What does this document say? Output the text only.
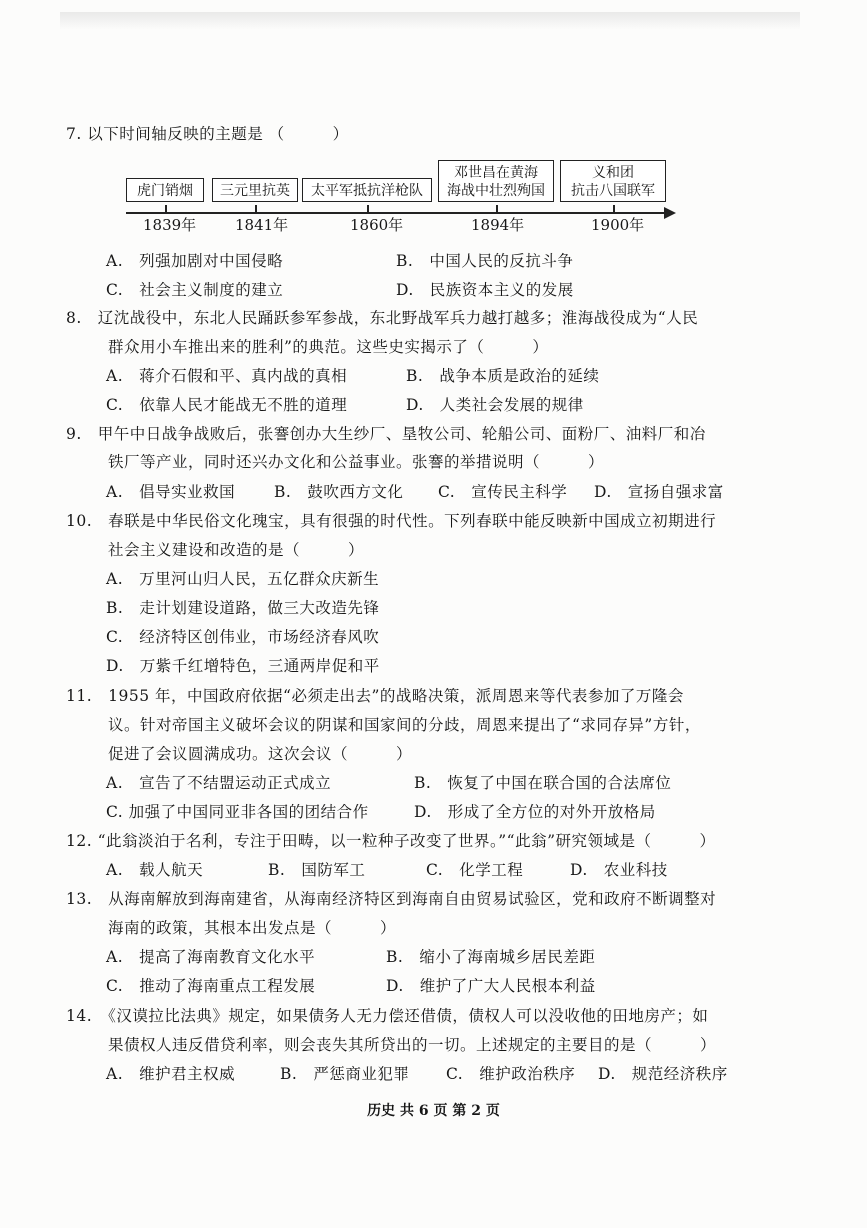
7. 以下时间轴反映的主题是 （　　　）
虎门销烟	三元里抗英	太平军抵抗洋枪队
邓世昌在黄海
海战中壮烈殉国
义和团
抗击八国联军
1839年	1841年	1860年	1894年	1900年
A.　列强加剧对中国侵略	B.　中国人民的反抗斗争
C.　社会主义制度的建立	D.　民族资本主义的发展
8.　辽沈战役中，东北人民踊跃参军参战，东北野战军兵力越打越多；淮海战役成为“人民
群众用小车推出来的胜利”的典范。这些史实揭示了（　　　）
A.　蒋介石假和平、真内战的真相	B.　战争本质是政治的延续
C.　依靠人民才能战无不胜的道理	D.　人类社会发展的规律
9.　甲午中日战争战败后，张謇创办大生纱厂、垦牧公司、轮船公司、面粉厂、油料厂和冶
铁厂等产业，同时还兴办文化和公益事业。张謇的举措说明（　　　）
A.　倡导实业救国	B.　鼓吹西方文化 C.　宣传民主科学 D.　宣扬自强求富
10.　春联是中华民俗文化瑰宝，具有很强的时代性。下列春联中能反映新中国成立初期进行
社会主义建设和改造的是（　　　）
A.　万里河山归人民，五亿群众庆新生
B.　走计划建设道路，做三大改造先锋
C.　经济特区创伟业，市场经济春风吹
D.　万紫千红增特色，三通两岸促和平
11.　1955 年，中国政府依据“必须走出去”的战略决策，派周恩来等代表参加了万隆会
议。针对帝国主义破坏会议的阴谋和国家间的分歧，周恩来提出了“求同存异”方针，
促进了会议圆满成功。这次会议（　　　）
A.　宣告了不结盟运动正式成立	B.　恢复了中国在联合国的合法席位
C. 加强了中国同亚非各国的团结合作	D.　形成了全方位的对外开放格局
12. “此翁淡泊于名利，专注于田畴，以一粒种子改变了世界。”“此翁”研究领域是（　　　）
A.　载人航天	B.　国防军工	C.　化学工程	D.　农业科技
13.　从海南解放到海南建省，从海南经济特区到海南自由贸易试验区，党和政府不断调整对
海南的政策，其根本出发点是（　　　）
A.　提高了海南教育文化水平	B.　缩小了海南城乡居民差距
C.　推动了海南重点工程发展	D.　维护了广大人民根本利益
14.　《汉谟拉比法典》规定，如果债务人无力偿还借债，债权人可以没收他的田地房产；如
果债权人违反借贷利率，则会丧失其所贷出的一切。上述规定的主要目的是（　　　）
A.　维护君主权威	B.　严惩商业犯罪 C.　维护政治秩序 D.　规范经济秩序
历史 共 6 页 第 2 页
